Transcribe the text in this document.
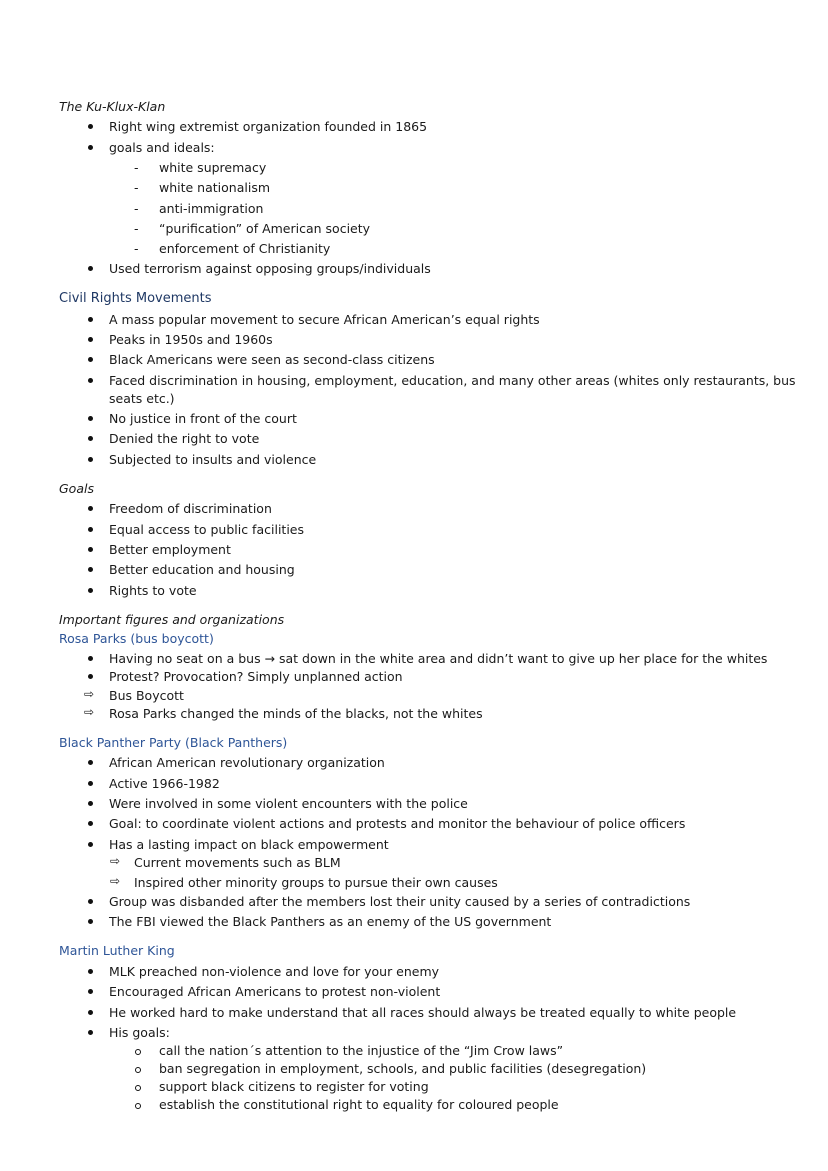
The Ku-Klux-Klan
Right wing extremist organization founded in 1865
goals and ideals:
- white supremacy
- white nationalism
- anti-immigration
- “purification” of American society
- enforcement of Christianity
Used terrorism against opposing groups/individuals
Civil Rights Movements
A mass popular movement to secure African American’s equal rights
Peaks in 1950s and 1960s
Black Americans were seen as second-class citizens
Faced discrimination in housing, employment, education, and many other areas (whites only restaurants, bus
seats etc.)
No justice in front of the court
Denied the right to vote
Subjected to insults and violence
Goals
Freedom of discrimination
Equal access to public facilities
Better employment
Better education and housing
Rights to vote
Important figures and organizations
Rosa Parks (bus boycott)
Having no seat on a bus → sat down in the white area and didn’t want to give up her place for the whites
Protest? Provocation? Simply unplanned action
⇨ Bus Boycott
⇨ Rosa Parks changed the minds of the blacks, not the whites
Black Panther Party (Black Panthers)
African American revolutionary organization
Active 1966-1982
Were involved in some violent encounters with the police
Goal: to coordinate violent actions and protests and monitor the behaviour of police officers
Has a lasting impact on black empowerment
⇨ Current movements such as BLM
⇨ Inspired other minority groups to pursue their own causes
Group was disbanded after the members lost their unity caused by a series of contradictions
The FBI viewed the Black Panthers as an enemy of the US government
Martin Luther King
MLK preached non-violence and love for your enemy
Encouraged African Americans to protest non-violent
He worked hard to make understand that all races should always be treated equally to white people
His goals:
call the nation´s attention to the injustice of the “Jim Crow laws”
ban segregation in employment, schools, and public facilities (desegregation)
support black citizens to register for voting
establish the constitutional right to equality for coloured people
